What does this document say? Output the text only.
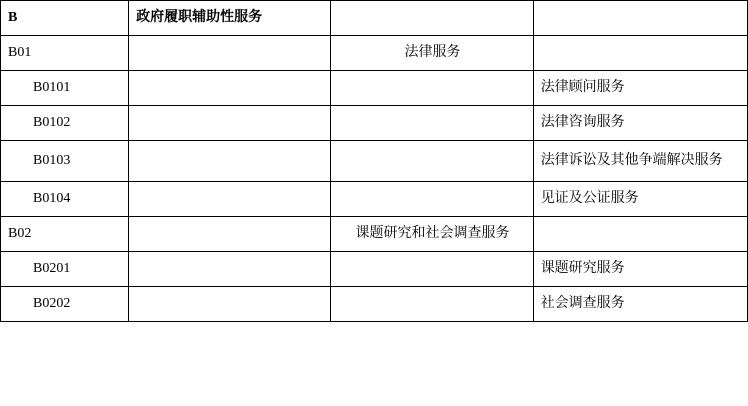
B	政府履职辅助性服务		

B01		法律服务	

B0101			法律顾问服务

B0102			法律咨询服务

B0103			法律诉讼及其他争端解决服务

B0104			见证及公证服务

B02		课题研究和社会调查服务	

B0201			课题研究服务

B0202			社会调查服务
